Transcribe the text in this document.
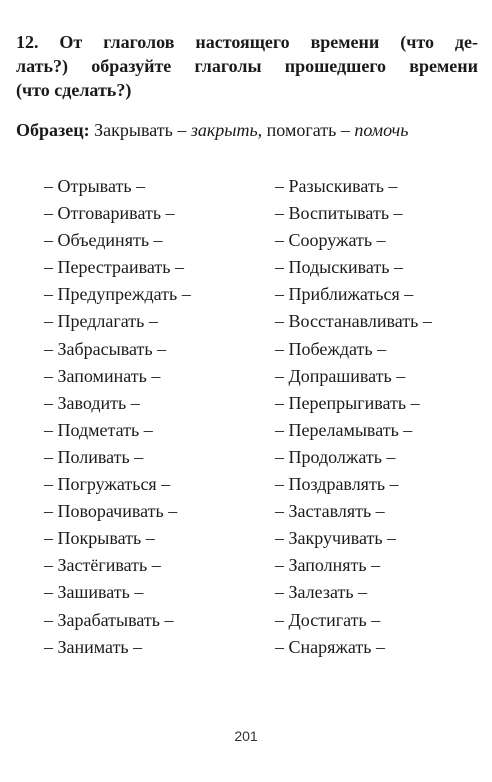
12. От глаголов настоящего времени (что де-
лать?) образуйте глаголы прошедшего времени
(что сделать?)
Образец: Закрывать – закрыть, помогать – помочь
– Отрывать –
– Отговаривать –
– Объединять –
– Перестраивать –
– Предупреждать –
– Предлагать –
– Забрасывать –
– Запоминать –
– Заводить –
– Подметать –
– Поливать –
– Погружаться –
– Поворачивать –
– Покрывать –
– Застёгивать –
– Зашивать –
– Зарабатывать –
– Занимать –
– Разыскивать –
– Воспитывать –
– Сооружать –
– Подыскивать –
– Приближаться –
– Восстанавливать –
– Побеждать –
– Допрашивать –
– Перепрыгивать –
– Переламывать –
– Продолжать –
– Поздравлять –
– Заставлять –
– Закручивать –
– Заполнять –
– Залезать –
– Достигать –
– Снаряжать –
201
